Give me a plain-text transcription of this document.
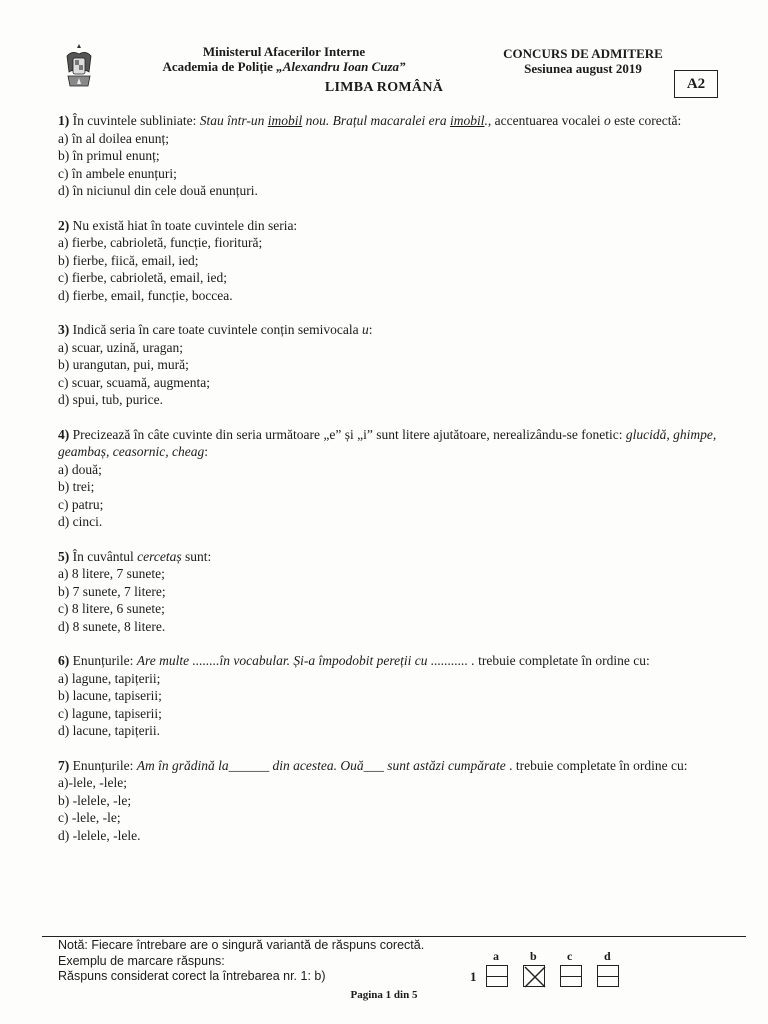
Ministerul Afacerilor Interne
Academia de Poliție „Alexandru Ioan Cuza”
CONCURS DE ADMITERE
Sesiunea august 2019
LIMBA ROMÂNĂ	A2
1) În cuvintele subliniate: Stau într-un imobil nou. Brațul macaralei era imobil., accentuarea vocalei o este corectă:
a) în al doilea enunț;
b) în primul enunț;
c) în ambele enunțuri;
d) în niciunul din cele două enunțuri.
2) Nu există hiat în toate cuvintele din seria:
a) fierbe, cabrioletă, funcție, fioritură;
b) fierbe, fiică, email, ied;
c) fierbe, cabrioletă, email, ied;
d) fierbe, email, funcție, boccea.
3) Indică seria în care toate cuvintele conțin semivocala u:
a) scuar, uzină, uragan;
b) urangutan, pui, mură;
c) scuar, scuamă, augmenta;
d) spui, tub, purice.
4) Precizează în câte cuvinte din seria următoare „e” și „i” sunt litere ajutătoare, nerealizându-se fonetic: glucidă, ghimpe, geambaș, ceasornic, cheag:
a) două;
b) trei;
c) patru;
d) cinci.
5) În cuvântul cercetaș sunt:
a) 8 litere, 7 sunete;
b) 7 sunete, 7 litere;
c) 8 litere, 6 sunete;
d) 8 sunete, 8 litere.
6) Enunțurile: Are multe ........în vocabular. Și-a împodobit pereții cu ........... . trebuie completate în ordine cu:
a) lagune, tapițerii;
b) lacune, tapiserii;
c) lagune, tapiserii;
d) lacune, tapițerii.
7) Enunțurile: Am în grădină la______ din acestea. Ouă___ sunt astăzi cumpărate . trebuie completate în ordine cu:
a)-lele, -lele;
b) -lelele, -le;
c) -lele, -le;
d) -lelele, -lele.
Notă: Fiecare întrebare are o singură variantă de răspuns corectă.
Exemplu de marcare răspuns:
Răspuns considerat corect la întrebarea nr. 1: b)	1
a	b	c	d
Pagina 1 din 5
